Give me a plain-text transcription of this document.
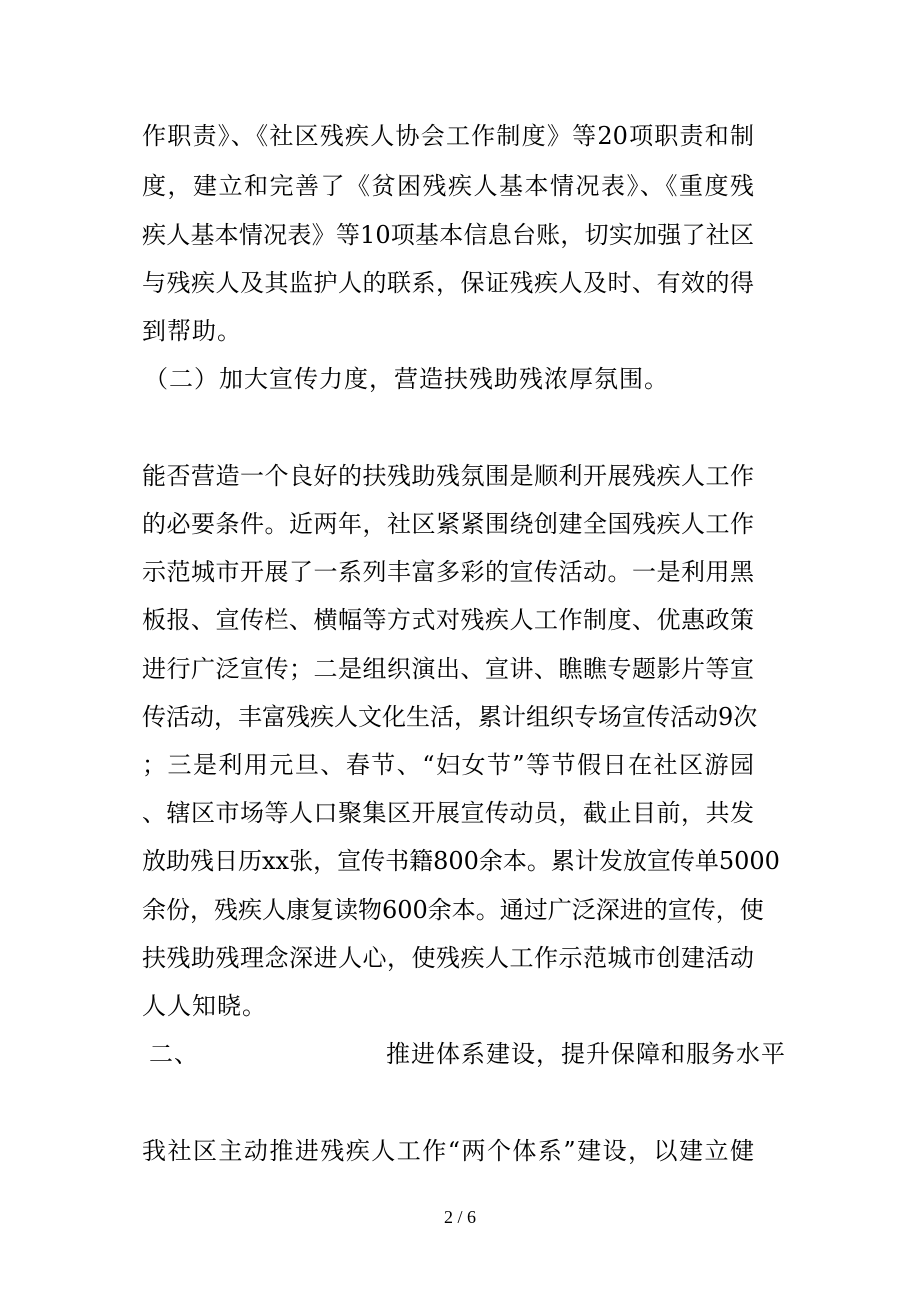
作职责》、《社区残疾人协会工作制度》等20项职责和制
度，建立和完善了《贫困残疾人基本情况表》、《重度残
疾人基本情况表》等10项基本信息台账，切实加强了社区
与残疾人及其监护人的联系，保证残疾人及时、有效的得
到帮助。
（二）加大宣传力度，营造扶残助残浓厚氛围。
能否营造一个良好的扶残助残氛围是顺利开展残疾人工作
的必要条件。近两年，社区紧紧围绕创建全国残疾人工作
示范城市开展了一系列丰富多彩的宣传活动。一是利用黑
板报、宣传栏、横幅等方式对残疾人工作制度、优惠政策
进行广泛宣传；二是组织演出、宣讲、瞧瞧专题影片等宣
传活动，丰富残疾人文化生活，累计组织专场宣传活动9次
；三是利用元旦、春节、“妇女节”等节假日在社区游园
、辖区市场等人口聚集区开展宣传动员，截止目前，共发
放助残日历xx张，宣传书籍800余本。累计发放宣传单5000
余份，残疾人康复读物600余本。通过广泛深进的宣传，使
扶残助残理念深进人心，使残疾人工作示范城市创建活动
人人知晓。
二、	推进体系建设，提升保障和服务水平
我社区主动推进残疾人工作“两个体系”建设，以建立健
2 / 6
